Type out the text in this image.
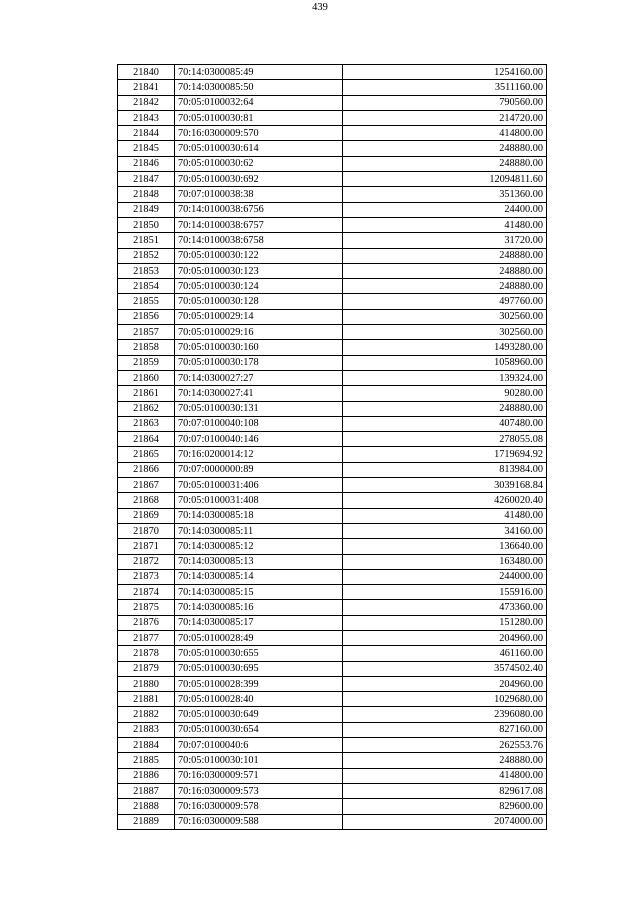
439
21840	70:14:0300085:49	1254160.00
21841	70:14:0300085:50	3511160.00
21842	70:05:0100032:64	790560.00
21843	70:05:0100030:81	214720.00
21844	70:16:0300009:570	414800.00
21845	70:05:0100030:614	248880.00
21846	70:05:0100030:62	248880.00
21847	70:05:0100030:692	12094811.60
21848	70:07:0100038:38	351360.00
21849	70:14:0100038:6756	24400.00
21850	70:14:0100038:6757	41480.00
21851	70:14:0100038:6758	31720.00
21852	70:05:0100030:122	248880.00
21853	70:05:0100030:123	248880.00
21854	70:05:0100030:124	248880.00
21855	70:05:0100030:128	497760.00
21856	70:05:0100029:14	302560.00
21857	70:05:0100029:16	302560.00
21858	70:05:0100030:160	1493280.00
21859	70:05:0100030:178	1058960.00
21860	70:14:0300027:27	139324.00
21861	70:14:0300027:41	90280.00
21862	70:05:0100030:131	248880.00
21863	70:07:0100040:108	407480.00
21864	70:07:0100040:146	278055.08
21865	70:16:0200014:12	1719694.92
21866	70:07:0000000:89	813984.00
21867	70:05:0100031:406	3039168.84
21868	70:05:0100031:408	4260020.40
21869	70:14:0300085:18	41480.00
21870	70:14:0300085:11	34160.00
21871	70:14:0300085:12	136640.00
21872	70:14:0300085:13	163480.00
21873	70:14:0300085:14	244000.00
21874	70:14:0300085:15	155916.00
21875	70:14:0300085:16	473360.00
21876	70:14:0300085:17	151280.00
21877	70:05:0100028:49	204960.00
21878	70:05:0100030:655	461160.00
21879	70:05:0100030:695	3574502.40
21880	70:05:0100028:399	204960.00
21881	70:05:0100028:40	1029680.00
21882	70:05:0100030:649	2396080.00
21883	70:05:0100030:654	827160.00
21884	70:07:0100040:6	262553.76
21885	70:05:0100030:101	248880.00
21886	70:16:0300009:571	414800.00
21887	70:16:0300009:573	829617.08
21888	70:16:0300009:578	829600.00
21889	70:16:0300009:588	2074000.00
